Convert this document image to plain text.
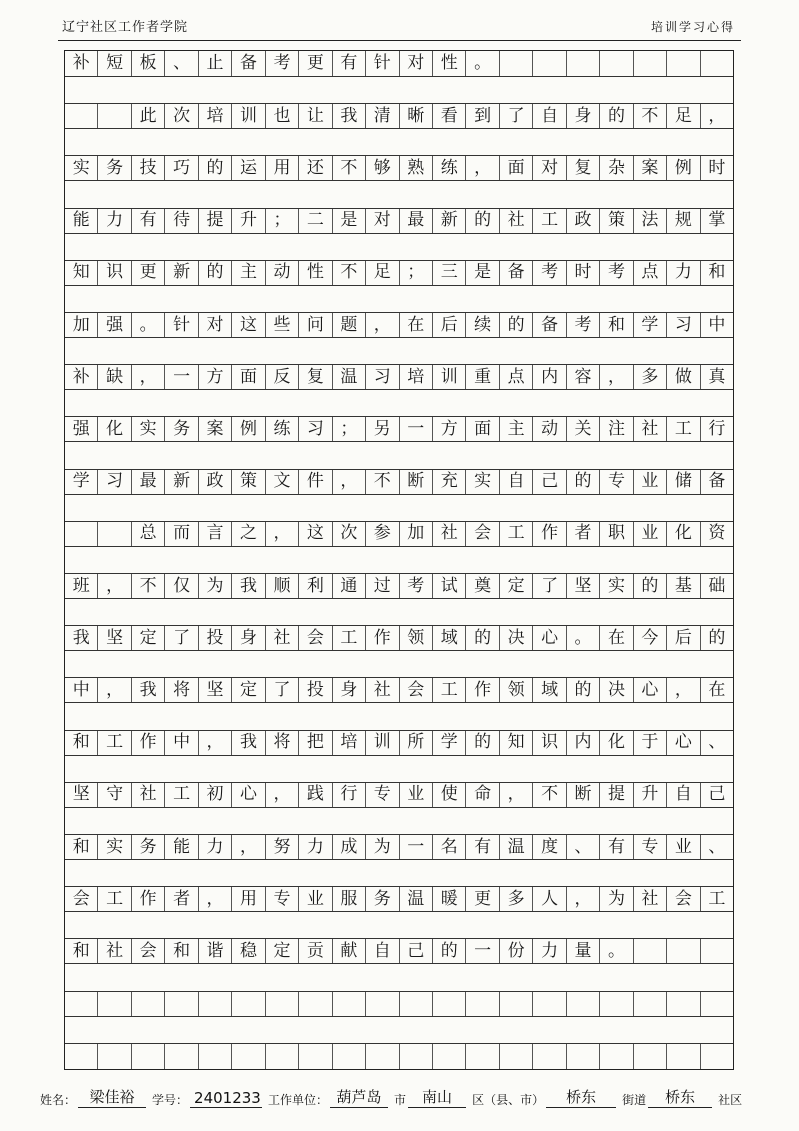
辽宁社区工作者学院	培训学习心得
补 短 板 、 止 备 考 更 有 针 对 性 。
此 次 培 训 也 让 我 清 晰 看 到 了 自 身 的 不 足 ，
实 务 技 巧 的 运 用 还 不 够 熟 练 ， 面 对 复 杂 案 例 时
能 力 有 待 提 升 ； 二 是 对 最 新 的 社 工 政 策 法 规 掌
知 识 更 新 的 主 动 性 不 足 ； 三 是 备 考 时 考 点 力 和
加 强 。 针 对 这 些 问 题 ， 在 后 续 的 备 考 和 学 习 中
补 缺 ， 一 方 面 反 复 温 习 培 训 重 点 内 容 ， 多 做 真
强 化 实 务 案 例 练 习 ； 另 一 方 面 主 动 关 注 社 工 行
学 习 最 新 政 策 文 件 ， 不 断 充 实 自 己 的 专 业 储 备
总 而 言 之 ， 这 次 参 加 社 会 工 作 者 职 业 化 资
班 ， 不 仅 为 我 顺 利 通 过 考 试 奠 定 了 坚 实 的 基 础
我 坚 定 了 投 身 社 会 工 作 领 域 的 决 心 。 在 今 后 的
中 ， 我 将 坚 定 了 投 身 社 会 工 作 领 域 的 决 心 ， 在
和 工 作 中 ， 我 将 把 培 训 所 学 的 知 识 内 化 于 心 、
坚 守 社 工 初 心 ， 践 行 专 业 使 命 ， 不 断 提 升 自 己
和 实 务 能 力 ， 努 力 成 为 一 名 有 温 度 、 有 专 业 、
会 工 作 者 ， 用 专 业 服 务 温 暖 更 多 人 ， 为 社 会 工
和 社 会 和 谐 稳 定 贡 献 自 己 的 一 份 力 量 。
姓名： 梁佳裕	学号： 2401233 工作单位： 葫芦岛	市	南山	区（县、市）	桥东	街道	桥东	社区
